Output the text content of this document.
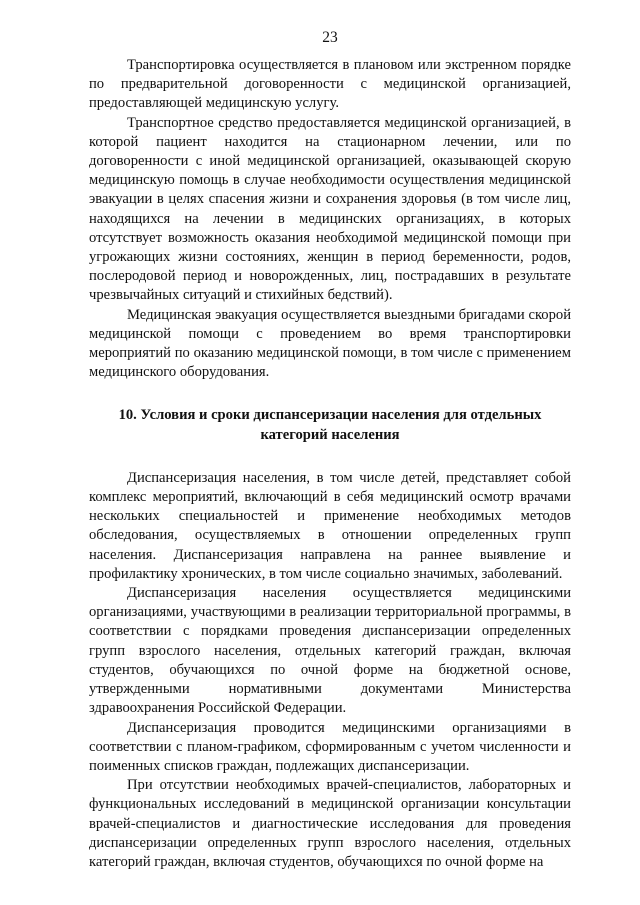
23

Транспортировка осуществляется в плановом или экстренном порядке по предварительной договоренности с медицинской организацией, предоставляющей медицинскую услугу.

Транспортное средство предоставляется медицинской организацией, в которой пациент находится на стационарном лечении, или по договоренности с иной медицинской организацией, оказывающей скорую медицинскую помощь в случае необходимости осуществления медицинской эвакуации в целях спасения жизни и сохранения здоровья (в том числе лиц, находящихся на лечении в медицинских организациях, в которых отсутствует возможность оказания необходимой медицинской помощи при угрожающих жизни состояниях, женщин в период беременности, родов, послеродовой период и новорожденных, лиц, пострадавших в результате чрезвычайных ситуаций и стихийных бедствий).

Медицинская эвакуация осуществляется выездными бригадами скорой медицинской помощи с проведением во время транспортировки мероприятий по оказанию медицинской помощи, в том числе с применением медицинского оборудования.

10. Условия и сроки диспансеризации населения для отдельных категорий населения

Диспансеризация населения, в том числе детей, представляет собой комплекс мероприятий, включающий в себя медицинский осмотр врачами нескольких специальностей и применение необходимых методов обследования, осуществляемых в отношении определенных групп населения. Диспансеризация направлена на раннее выявление и профилактику хронических, в том числе социально значимых, заболеваний.

Диспансеризация населения осуществляется медицинскими организациями, участвующими в реализации территориальной программы, в соответствии с порядками проведения диспансеризации определенных групп взрослого населения, отдельных категорий граждан, включая студентов, обучающихся по очной форме на бюджетной основе, утвержденными нормативными документами Министерства здравоохранения Российской Федерации.

Диспансеризация проводится медицинскими организациями в соответствии с планом-графиком, сформированным с учетом численности и поименных списков граждан, подлежащих диспансеризации.

При отсутствии необходимых врачей-специалистов, лабораторных и функциональных исследований в медицинской организации консультации врачей-специалистов и диагностические исследования для проведения диспансеризации определенных групп взрослого населения, отдельных категорий граждан, включая студентов, обучающихся по очной форме на
